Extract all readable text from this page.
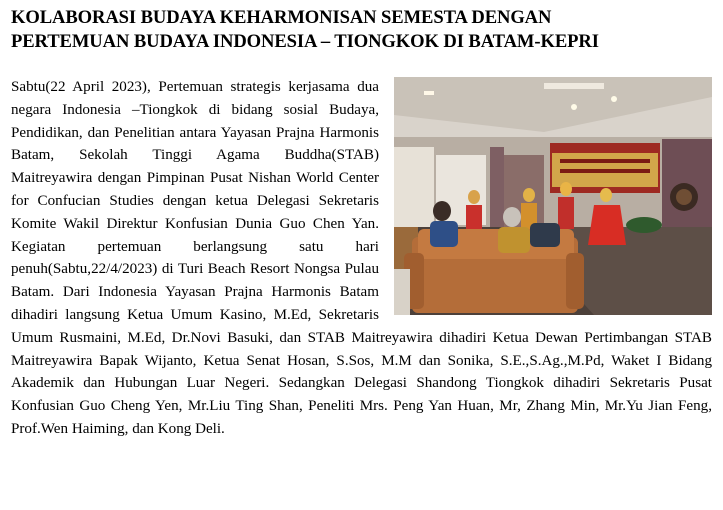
KOLABORASI BUDAYA KEHARMONISAN SEMESTA DENGAN
PERTEMUAN BUDAYA INDONESIA – TIONGKOK DI BATAM-KEPRI
Sabtu(22 April 2023), Pertemuan strategis kerjasama dua negara Indonesia –Tiongkok di bidang sosial Budaya, Pendidikan, dan Penelitian antara Yayasan Prajna Harmonis Batam, Sekolah Tinggi Agama Buddha(STAB) Maitreyawira dengan Pimpinan Pusat Nishan World Center for Confucian Studies dengan ketua Delegasi Sekretaris Komite Wakil Direktur Konfusian Dunia Guo Chen Yan. Kegiatan pertemuan berlangsung satu hari penuh(Sabtu,22/4/2023) di Turi Beach Resort Nongsa Pulau Batam. Dari Indonesia Yayasan Prajna Harmonis Batam dihadiri langsung Ketua Umum Kasino, M.Ed, Sekretaris Umum Rusmaini, M.Ed, Dr.Novi Basuki, dan STAB Maitreyawira dihadiri Ketua Dewan Pertimbangan STAB Maitreyawira Bapak Wijanto, Ketua Senat Hosan, S.Sos, M.M dan Sonika, S.E.,S.Ag.,M.Pd, Waket I Bidang Akademik dan Hubungan Luar Negeri. Sedangkan Delegasi Shandong Tiongkok dihadiri Sekretaris Pusat Konfusian Guo Cheng Yen, Mr.Liu Ting Shan, Peneliti Mrs. Peng Yan Huan, Mr, Zhang Min, Mr.Yu Jian Feng, Prof.Wen Haiming, dan Kong Deli.
